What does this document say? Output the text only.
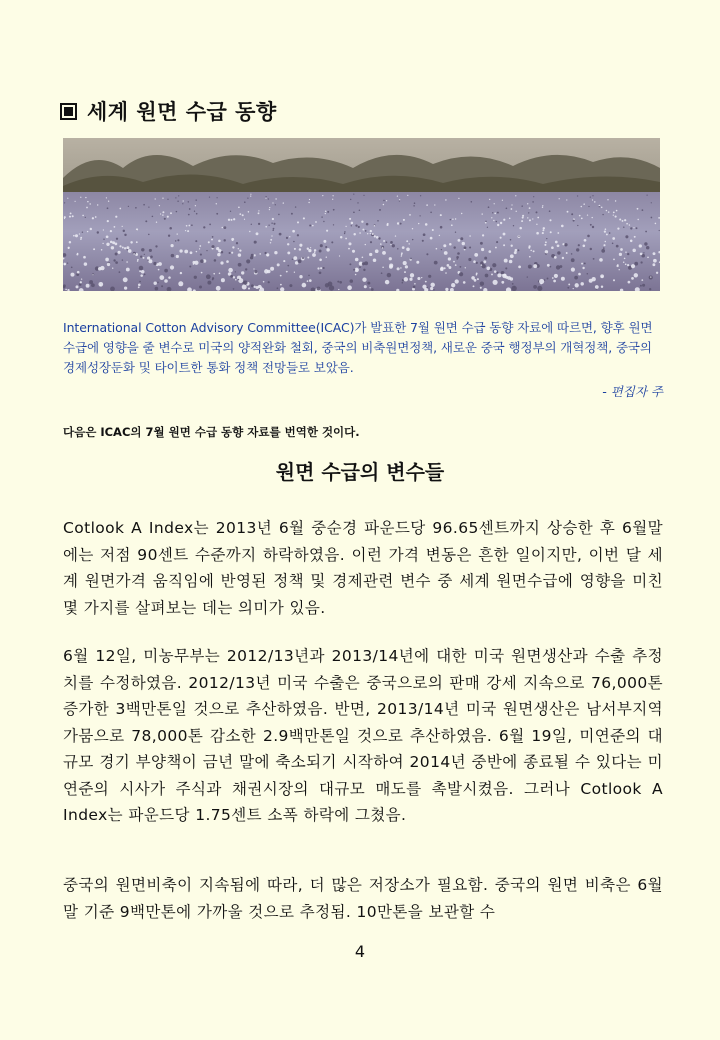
세계 원면 수급 동향
International Cotton Advisory Committee(ICAC)가 발표한 7월 원면 수급 동향 자료에 따르면, 향후 원면수급에 영향을 줄 변수로 미국의 양적완화 철회, 중국의 비축원면정책, 새로운 중국 행정부의 개혁정책, 중국의 경제성장둔화 및 타이트한 통화 정책 전망들로 보았음.
- 편집자 주
다음은 ICAC의 7월 원면 수급 동향 자료를 번역한 것이다.
원면 수급의 변수들
Cotlook A Index는 2013년 6월 중순경 파운드당 96.65센트까지 상승한 후 6월말에는 저점 90센트 수준까지 하락하였음. 이런 가격 변동은 흔한 일이지만, 이번 달 세계 원면가격 움직임에 반영된 정책 및 경제관련 변수 중 세계 원면수급에 영향을 미친 몇 가지를 살펴보는 데는 의미가 있음.
6월 12일, 미농무부는 2012/13년과 2013/14년에 대한 미국 원면생산과 수출 추정치를 수정하였음. 2012/13년 미국 수출은 중국으로의 판매 강세 지속으로 76,000톤 증가한 3백만톤일 것으로 추산하였음. 반면, 2013/14년 미국 원면생산은 남서부지역 가뭄으로 78,000톤 감소한 2.9백만톤일 것으로 추산하였음. 6월 19일, 미연준의 대규모 경기 부양책이 금년 말에 축소되기 시작하여 2014년 중반에 종료될 수 있다는 미연준의 시사가 주식과 채권시장의 대규모 매도를 촉발시켰음. 그러나 Cotlook A Index는 파운드당 1.75센트 소폭 하락에 그쳤음.
중국의 원면비축이 지속됨에 따라, 더 많은 저장소가 필요함. 중국의 원면 비축은 6월말 기준 9백만톤에 가까울 것으로 추정됨. 10만톤을 보관할 수
4
